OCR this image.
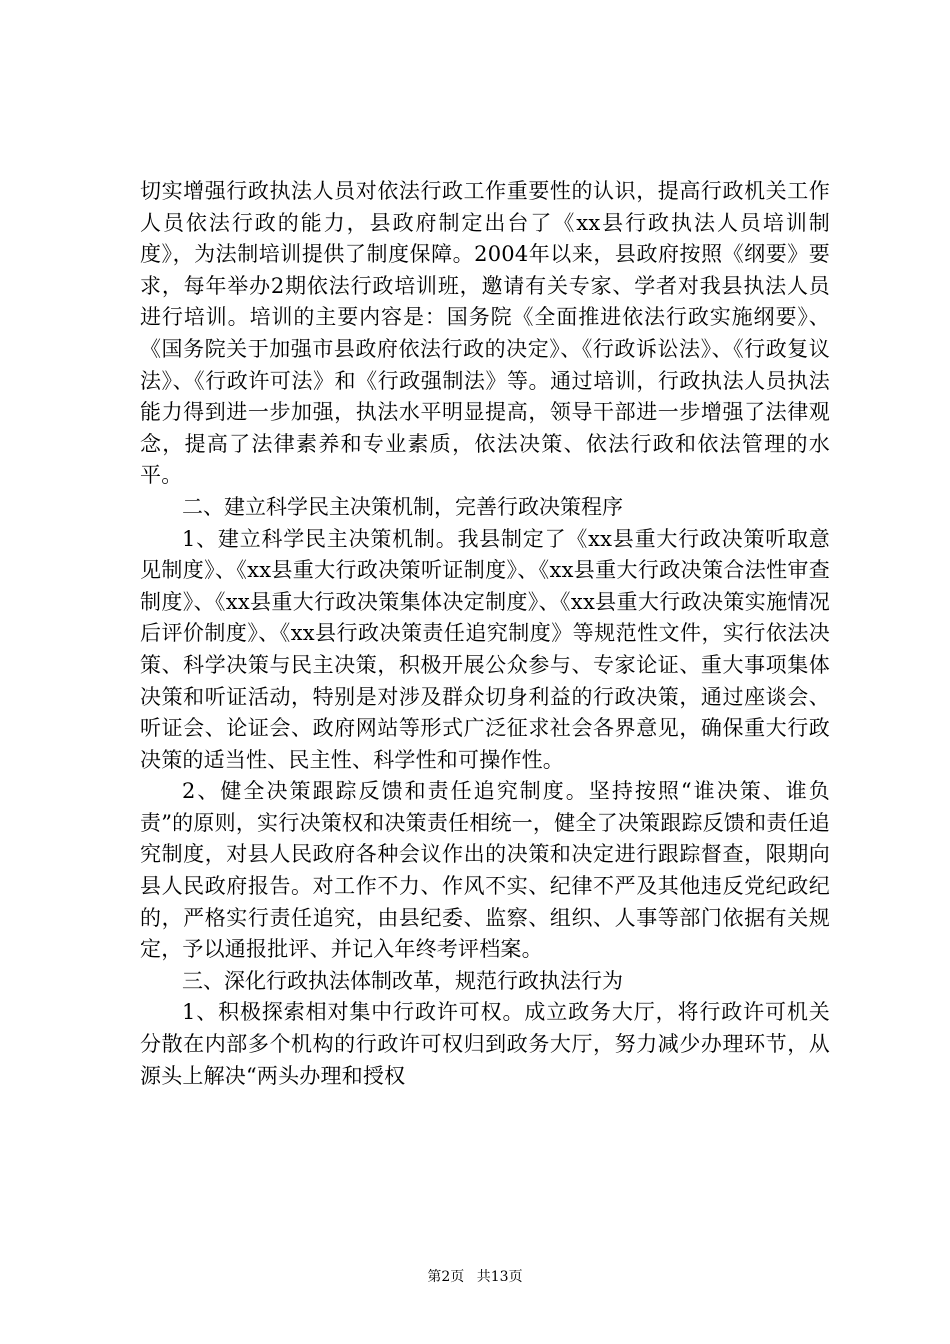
切实增强行政执法人员对依法行政工作重要性的认识，提高行政机关工作人员依法行政的能力，县政府制定出台了《xx县行政执法人员培训制度》，为法制培训提供了制度保障。2004年以来，县政府按照《纲要》要求，每年举办2期依法行政培训班，邀请有关专家、学者对我县执法人员进行培训。培训的主要内容是：国务院《全面推进依法行政实施纲要》、《国务院关于加强市县政府依法行政的决定》、《行政诉讼法》、《行政复议法》、《行政许可法》和《行政强制法》等。通过培训，行政执法人员执法能力得到进一步加强，执法水平明显提高，领导干部进一步增强了法律观念，提高了法律素养和专业素质，依法决策、依法行政和依法管理的水平。

二、建立科学民主决策机制，完善行政决策程序

1、建立科学民主决策机制。我县制定了《xx县重大行政决策听取意见制度》、《xx县重大行政决策听证制度》、《xx县重大行政决策合法性审查制度》、《xx县重大行政决策集体决定制度》、《xx县重大行政决策实施情况后评价制度》、《xx县行政决策责任追究制度》等规范性文件，实行依法决策、科学决策与民主决策，积极开展公众参与、专家论证、重大事项集体决策和听证活动，特别是对涉及群众切身利益的行政决策，通过座谈会、听证会、论证会、政府网站等形式广泛征求社会各界意见，确保重大行政决策的适当性、民主性、科学性和可操作性。

2、健全决策跟踪反馈和责任追究制度。坚持按照“谁决策、谁负责”的原则，实行决策权和决策责任相统一，健全了决策跟踪反馈和责任追究制度，对县人民政府各种会议作出的决策和决定进行跟踪督查，限期向县人民政府报告。对工作不力、作风不实、纪律不严及其他违反党纪政纪的，严格实行责任追究，由县纪委、监察、组织、人事等部门依据有关规定，予以通报批评、并记入年终考评档案。

三、深化行政执法体制改革，规范行政执法行为

1、积极探索相对集中行政许可权。成立政务大厅，将行政许可机关分散在内部多个机构的行政许可权归到政务大厅，努力减少办理环节，从源头上解决“两头办理和授权

第2页 共13页
